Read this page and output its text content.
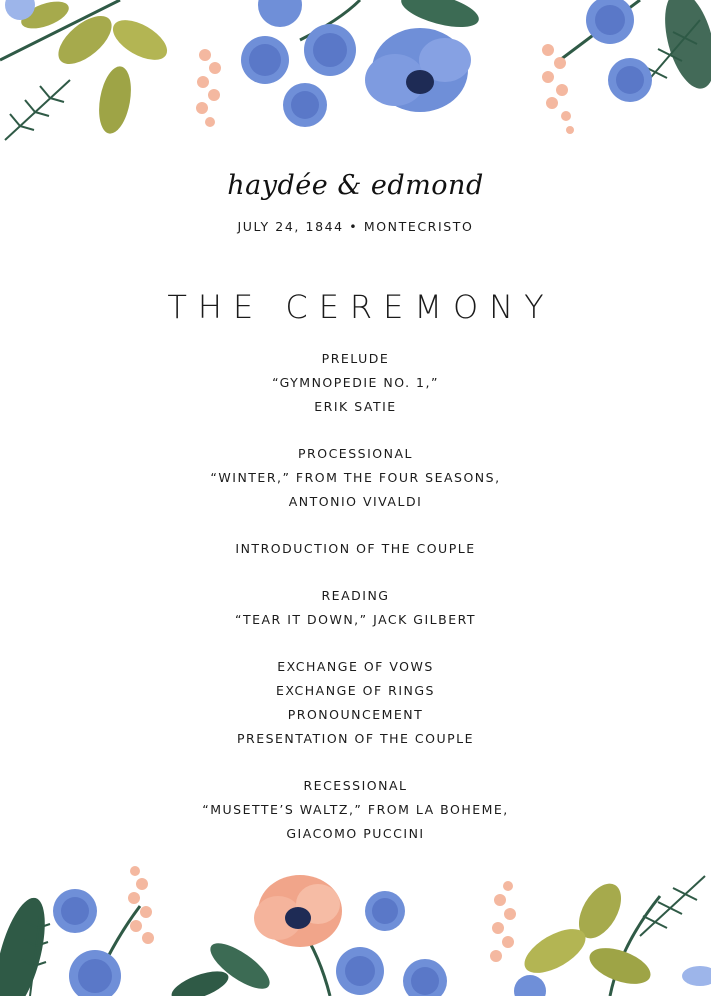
haydée & edmond
JULY 24, 1844 • MONTECRISTO
THE CEREMONY
PRELUDE
“GYMNOPEDIE NO. 1,”
ERIK SATIE
PROCESSIONAL
“WINTER,” FROM THE FOUR SEASONS,
ANTONIO VIVALDI
INTRODUCTION OF THE COUPLE
READING
“TEAR IT DOWN,” JACK GILBERT
EXCHANGE OF VOWS
EXCHANGE OF RINGS
PRONOUNCEMENT
PRESENTATION OF THE COUPLE
RECESSIONAL
“MUSETTE’S WALTZ,” FROM LA BOHEME,
GIACOMO PUCCINI
